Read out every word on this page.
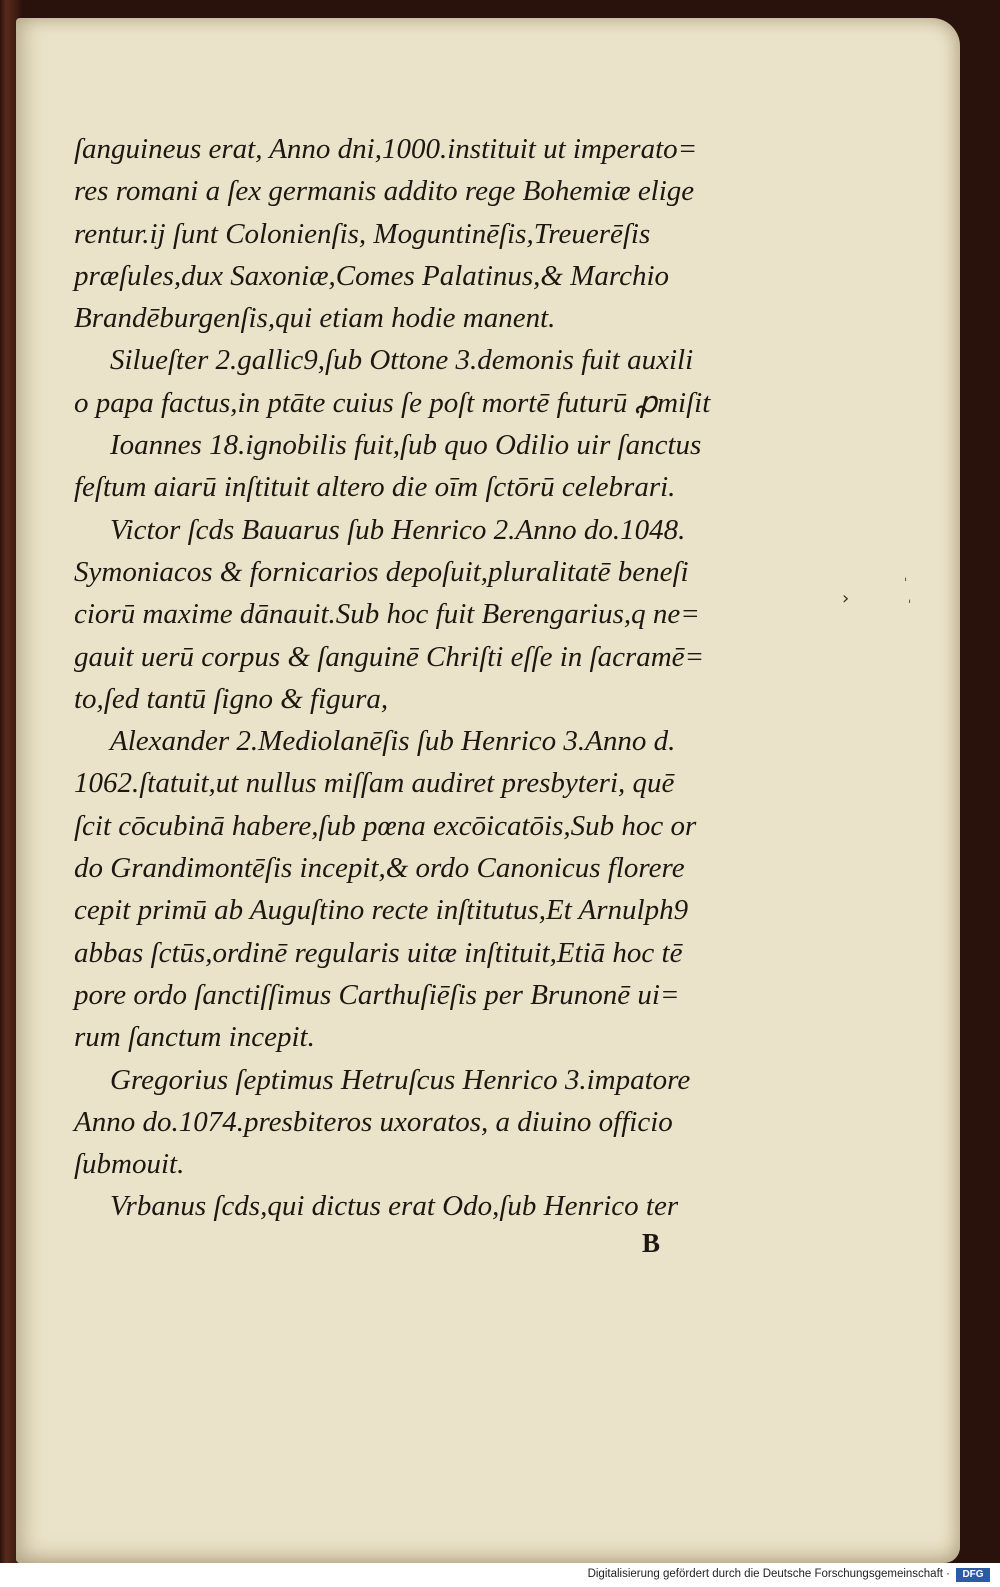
ſanguineus erat, Anno dni,1000.instituit ut imperato=
res romani a ſex germanis addito rege Bohemiæ elige
rentur.ij ſunt Colonienſis, Moguntinēſis,Treuerēſis
præſules,dux Saxoniæ,Comes Palatinus,& Marchio
Brandēburgenſis,qui etiam hodie manent.
Silueſter 2.gallic9,ſub Ottone 3.demonis fuit auxili
o papa factus,in ptāte cuius ſe poſt mortē futurū ꝓmiſit
Ioannes 18.ignobilis fuit,ſub quo Odilio uir ſanctus
feſtum aiarū inſtituit altero die oīm ſctōrū celebrari.
Victor ſcds Bauarus ſub Henrico 2.Anno do.1048.
Symoniacos & fornicarios depoſuit,pluralitatē beneſi
ciorū maxime dānauit.Sub hoc fuit Berengarius,q ne=
gauit uerū corpus & ſanguinē Chriſti eſſe in ſacramē=
to,ſed tantū ſigno & figura,
Alexander 2.Mediolanēſis ſub Henrico 3.Anno d.
1062.ſtatuit,ut nullus miſſam audiret presbyteri, quē
ſcit cōcubinā habere,ſub pœna excōicatōis,Sub hoc or
do Grandimontēſis incepit,& ordo Canonicus florere
cepit primū ab Auguſtino recte inſtitutus,Et Arnulph9
abbas ſctūs,ordinē regularis uitæ inſtituit,Etiā hoc tē
pore ordo ſanctiſſimus Carthuſiēſis per Brunonē ui=
rum ſanctum incepit.
Gregorius ſeptimus Hetruſcus Henrico 3.impatore
Anno do.1074.presbiteros uxoratos, a diuino officio
ſubmouit.
Vrbanus ſcds,qui dictus erat Odo,ſub Henrico ter
B
›
ˌ
ˈ
Digitalisierung gefördert durch die Deutsche Forschungsgemeinschaft ·	DFG
